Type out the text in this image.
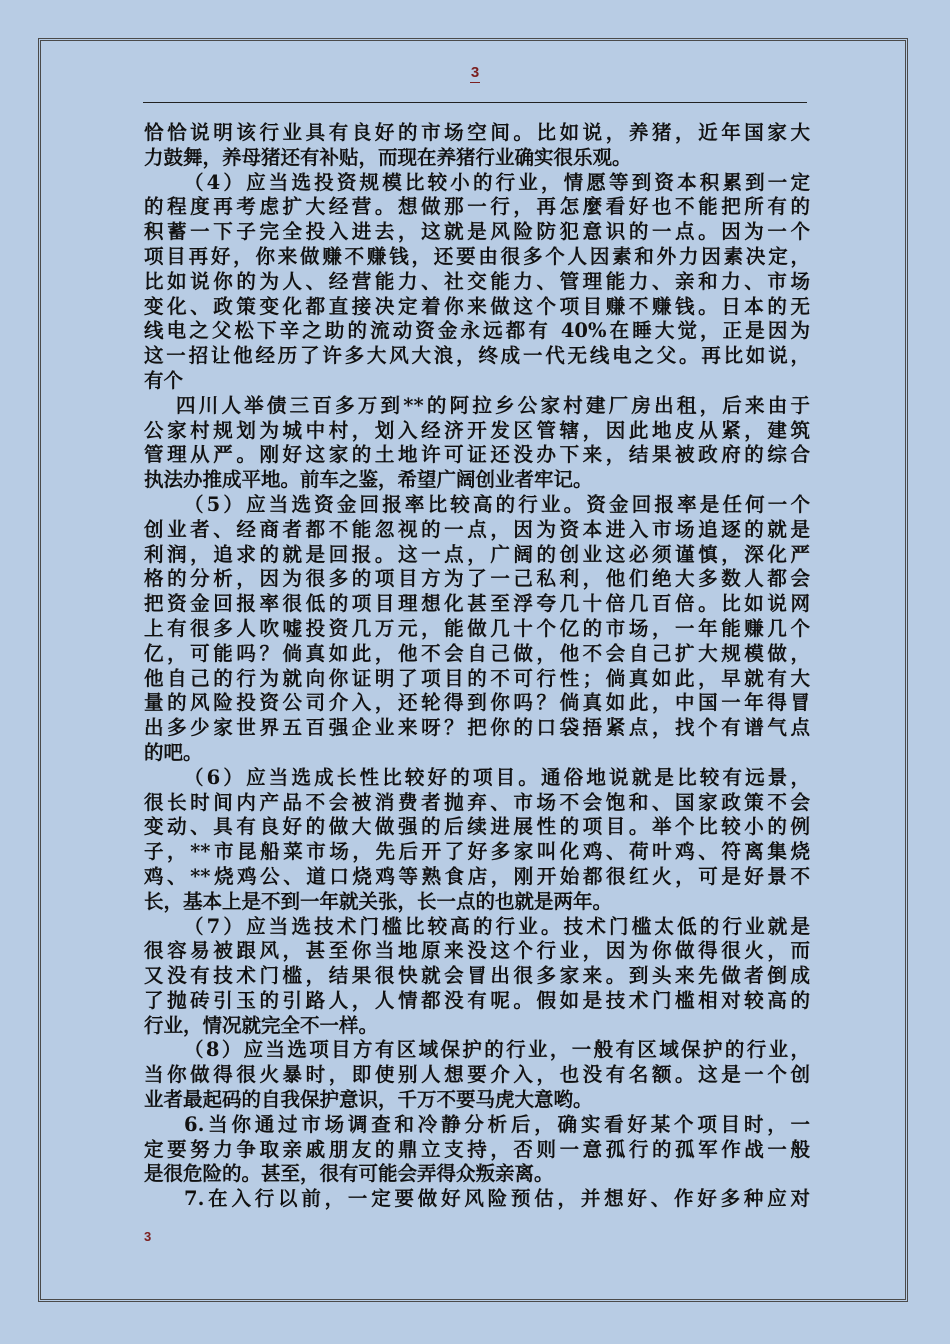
3
恰恰说明该行业具有良好的市场空间。比如说，养猪，近年国家大
力鼓舞，养母猪还有补贴，而现在养猪行业确实很乐观。
（4）应当选投资规模比较小的行业，情愿等到资本积累到一定
的程度再考虑扩大经营。想做那一行，再怎麼看好也不能把所有的
积蓄一下子完全投入进去，这就是风险防犯意识的一点。因为一个
项目再好，你来做赚不赚钱，还要由很多个人因素和外力因素决定，
比如说你的为人、经营能力、社交能力、管理能力、亲和力、市场
变化、政策变化都直接决定着你来做这个项目赚不赚钱。日本的无
线电之父松下辛之助的流动资金永远都有 40%在睡大觉，正是因为
这一招让他经历了许多大风大浪，终成一代无线电之父。再比如说，
有个
四川人举债三百多万到**的阿拉乡公家村建厂房出租，后来由于
公家村规划为城中村，划入经济开发区管辖，因此地皮从紧，建筑
管理从严。刚好这家的土地许可证还没办下来，结果被政府的综合
执法办推成平地。前车之鉴，希望广阔创业者牢记。
（5）应当选资金回报率比较高的行业。资金回报率是任何一个
创业者、经商者都不能忽视的一点，因为资本进入市场追逐的就是
利润，追求的就是回报。这一点，广阔的创业这必须谨慎，深化严
格的分析，因为很多的项目方为了一己私利，他们绝大多数人都会
把资金回报率很低的项目理想化甚至浮夸几十倍几百倍。比如说网
上有很多人吹嘘投资几万元，能做几十个亿的市场，一年能赚几个
亿，可能吗？倘真如此，他不会自己做，他不会自己扩大规模做，
他自己的行为就向你证明了项目的不可行性；倘真如此，早就有大
量的风险投资公司介入，还轮得到你吗？倘真如此，中国一年得冒
出多少家世界五百强企业来呀？把你的口袋捂紧点，找个有谱气点
的吧。
（6）应当选成长性比较好的项目。通俗地说就是比较有远景，
很长时间内产品不会被消费者抛弃、市场不会饱和、国家政策不会
变动、具有良好的做大做强的后续进展性的项目。举个比较小的例
子，**市昆船菜市场，先后开了好多家叫化鸡、荷叶鸡、符离集烧
鸡、**烧鸡公、道口烧鸡等熟食店，刚开始都很红火，可是好景不
长，基本上是不到一年就关张，长一点的也就是两年。
（7）应当选技术门槛比较高的行业。技术门槛太低的行业就是
很容易被跟风，甚至你当地原来没这个行业，因为你做得很火，而
又没有技术门槛，结果很快就会冒出很多家来。到头来先做者倒成
了抛砖引玉的引路人，人情都没有呢。假如是技术门槛相对较高的
行业，情况就完全不一样。
（8）应当选项目方有区域保护的行业，一般有区域保护的行业，
当你做得很火暴时，即使别人想要介入，也没有名额。这是一个创
业者最起码的自我保护意识，千万不要马虎大意哟。
6.当你通过市场调查和冷静分析后，确实看好某个项目时，一
定要努力争取亲戚朋友的鼎立支持，否则一意孤行的孤军作战一般
是很危险的。甚至，很有可能会弄得众叛亲离。
7.在入行以前，一定要做好风险预估，并想好、作好多种应对
3
